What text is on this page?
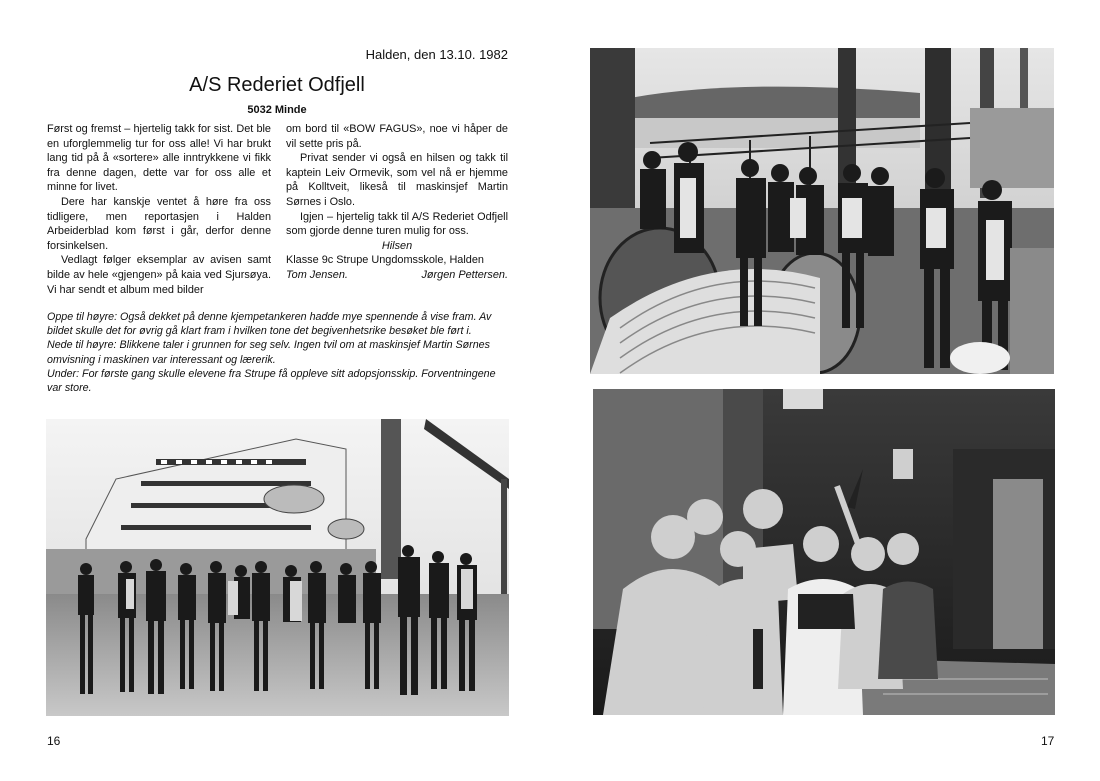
Halden, den 13.10. 1982
A/S Rederiet Odfjell
5032 Minde

Først og fremst – hjertelig takk for sist. Det ble en uforglemmelig tur for oss alle! Vi har brukt lang tid på å «sortere» alle inntrykkene vi fikk fra denne dagen, dette var for oss alle et minne for livet.

Dere har kanskje ventet å høre fra oss tidligere, men reportasjen i Halden Arbeiderblad kom først i går, derfor denne forsinkelsen.

Vedlagt følger eksemplar av avisen samt bilde av hele «gjengen» på kaia ved Sjursøya. Vi har sendt et album med bilder

om bord til «BOW FAGUS», noe vi håper de vil sette pris på.

Privat sender vi også en hilsen og takk til kaptein Leiv Ormevik, som vel nå er hjemme på Kolltveit, likeså til maskinsjef Martin Sørnes i Oslo.

Igjen – hjertelig takk til A/S Rederiet Odfjell som gjorde denne turen mulig for oss.

Hilsen

Klasse 9c Strupe Ungdomsskole, Halden

Tom Jensen.	Jørgen Pettersen.

Oppe til høyre: Også dekket på denne kjempetankeren hadde mye spennende å vise fram. Av bildet skulle det for øvrig gå klart fram i hvilken tone det begivenhetsrike besøket ble ført i.

Nede til høyre: Blikkene taler i grunnen for seg selv. Ingen tvil om at maskinsjef Martin Sørnes omvisning i maskinen var interessant og lærerik.

Under: For første gang skulle elevene fra Strupe få oppleve sitt adopsjonsskip. Forventningene var store.

16	17
